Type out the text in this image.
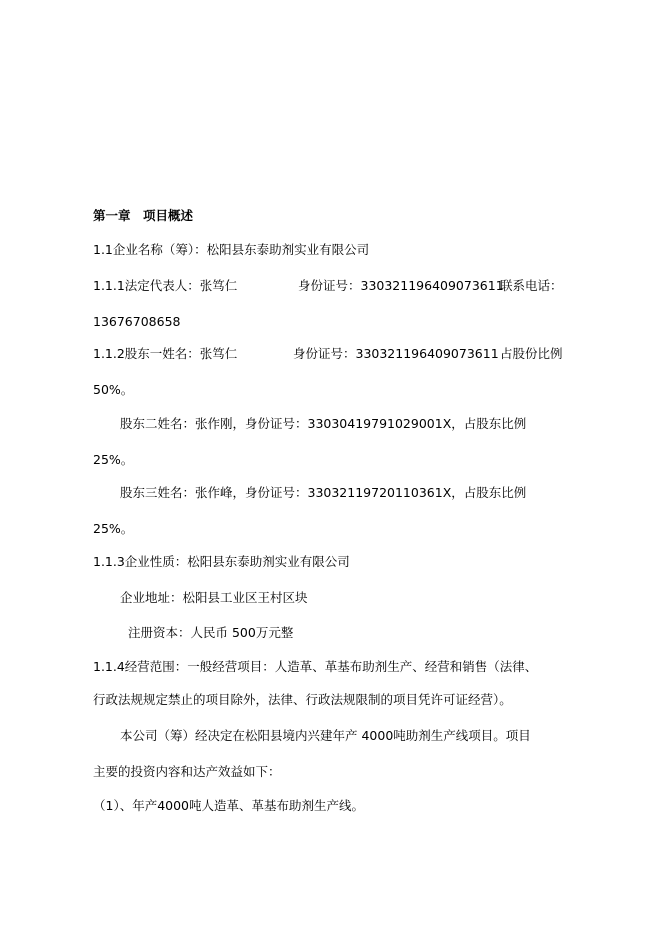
第一章　项目概述
1.1企业名称（筹）：松阳县东泰助剂实业有限公司
1.1.1法定代表人：张笃仁	身份证号：330321196409073611
联系电话：
13676708658
1.1.2股东一姓名：张笃仁	身份证号：330321196409073611 占股份比例
50%。
股东二姓名：张作刚，身份证号：330304197910290​01X，占股东比例
25%。
股东三姓名：张作峰，身份证号：33032119720110361X，占股东比例
25%。
1.1.3企业性质：松阳县东泰助剂实业有限公司
企业地址：松阳县工业区王村区块
注册资本：人民币 500万元整
1.1.4经营范围：一般经营项目：人造革、革基布助剂生产、经营和销售（法律、
行政法规规定禁止的项目除外，法律、行政法规限制的项目凭许可证经营）。
本公司（筹）经决定在松阳县境内兴建年产 4000吨助剂生产线项目。项目
主要的投资内容和达产效益如下：
（1）、年产4000吨人造革、革基布助剂生产线。
